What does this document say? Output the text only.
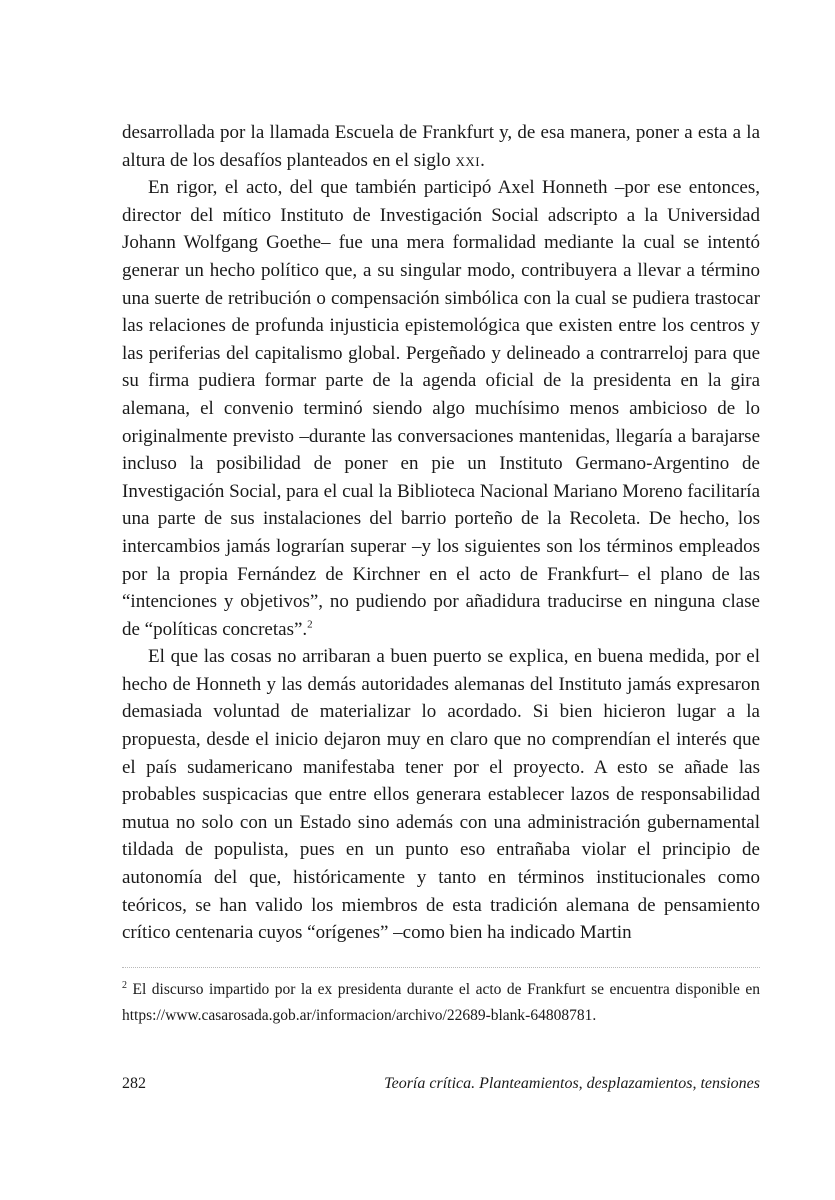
desarrollada por la llamada Escuela de Frankfurt y, de esa manera, poner a esta a la altura de los desafíos planteados en el siglo xxi.

En rigor, el acto, del que también participó Axel Honneth –por ese entonces, director del mítico Instituto de Investigación Social adscripto a la Universidad Johann Wolfgang Goethe– fue una mera formalidad mediante la cual se intentó generar un hecho político que, a su singular modo, contribuyera a llevar a término una suerte de retribución o compensación simbólica con la cual se pudiera trastocar las relaciones de profunda injusticia epistemológica que existen entre los centros y las periferias del capitalismo global. Pergeñado y delineado a contrarreloj para que su firma pudiera formar parte de la agenda oficial de la presidenta en la gira alemana, el convenio terminó siendo algo muchísimo menos ambicioso de lo originalmente previsto –durante las conversaciones mantenidas, llegaría a barajarse incluso la posibilidad de poner en pie un Instituto Germano-Argentino de Investigación Social, para el cual la Biblioteca Nacional Mariano Moreno facilitaría una parte de sus instalaciones del barrio porteño de la Recoleta. De hecho, los intercambios jamás lograrían superar –y los siguientes son los términos empleados por la propia Fernández de Kirchner en el acto de Frankfurt– el plano de las “intenciones y objetivos”, no pudiendo por añadidura traducirse en ninguna clase de “políticas concretas”.$^2$

El que las cosas no arribaran a buen puerto se explica, en buena medida, por el hecho de Honneth y las demás autoridades alemanas del Instituto jamás expresaron demasiada voluntad de materializar lo acordado. Si bien hicieron lugar a la propuesta, desde el inicio dejaron muy en claro que no comprendían el interés que el país sudamericano manifestaba tener por el proyecto. A esto se añade las probables suspicacias que entre ellos generara establecer lazos de responsabilidad mutua no solo con un Estado sino además con una administración gubernamental tildada de populista, pues en un punto eso entrañaba violar el principio de autonomía del que, históricamente y tanto en términos institucionales como teóricos, se han valido los miembros de esta tradición alemana de pensamiento crítico centenaria cuyos “orígenes” –como bien ha indicado Martin

$^2$ El discurso impartido por la ex presidenta durante el acto de Frankfurt se encuentra disponible en https://www.casarosada.gob.ar/informacion/archivo/22689-blank-64808781.
282	Teoría crítica. Planteamientos, desplazamientos, tensiones
